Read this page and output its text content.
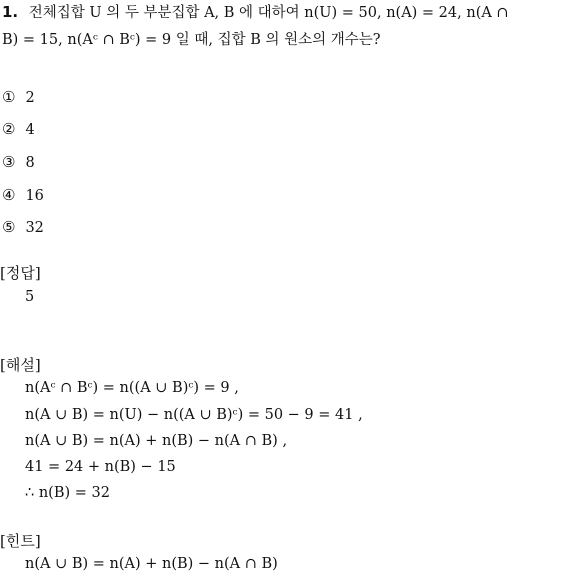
1. 전체집합 U 의 두 부분집합 A, B 에 대하여 n(U) = 50, n(A) = 24, n(A ∩
B) = 15, n(Aᶜ ∩ Bᶜ) = 9 일 때, 집합 B 의 원소의 개수는?
① 2
② 4
③ 8
④ 16
⑤ 32
[정답]
5
[해설]
n(Aᶜ ∩ Bᶜ) = n((A ∪ B)ᶜ) = 9 ,
n(A ∪ B) = n(U) − n((A ∪ B)ᶜ) = 50 − 9 = 41 ,
n(A ∪ B) = n(A) + n(B) − n(A ∩ B) ,
41 = 24 + n(B) − 15
∴ n(B) = 32
[힌트]
n(A ∪ B) = n(A) + n(B) − n(A ∩ B)
